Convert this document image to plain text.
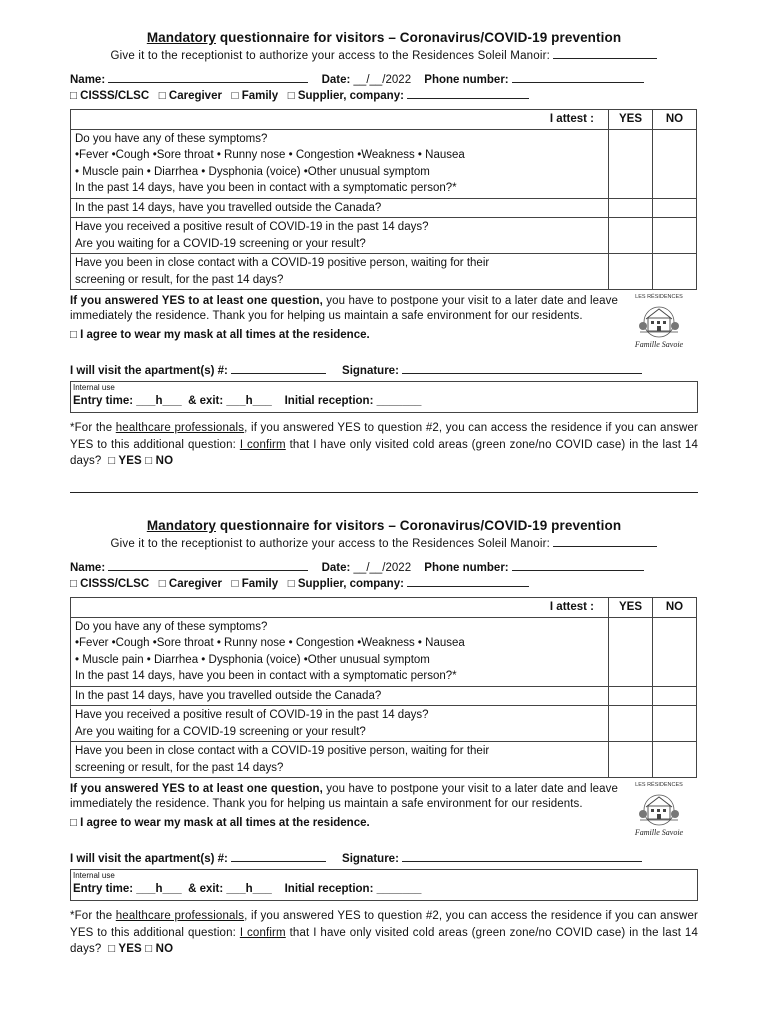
Mandatory questionnaire for visitors – Coronavirus/COVID-19 prevention
Give it to the receptionist to authorize your access to the Residences Soleil Manoir:
Name:	Date: __/__/2022 Phone number:
□ CISSS/CLSC □ Caregiver □ Family □ Supplier, company:
I attest :	YES	NO

Do you have any of these symptoms?
•Fever •Cough •Sore throat • Runny nose • Congestion •Weakness • Nausea
• Muscle pain • Diarrhea • Dysphonia (voice) •Other unusual symptom
In the past 14 days, have you been in contact with a symptomatic person?*		

In the past 14 days, have you travelled outside the Canada?		

Have you received a positive result of COVID-19 in the past 14 days?
Are you waiting for a COVID-19 screening or your result?		

Have you been in close contact with a COVID-19 positive person, waiting for their
screening or result, for the past 14 days?		

If you answered YES to at least one question, you have to postpone your visit to a later date and leave immediately the residence. Thank you for helping us maintain a safe environment for our residents.
□ I agree to wear my mask at all times at the residence.
LES RÉSIDENCES
Famille Savoie
I will visit the apartment(s) #:	Signature:
Internal use
Entry time: ___h___ & exit: ___h___ Initial reception: _______
*For the healthcare professionals, if you answered YES to question #2, you can access the residence if you can answer YES to this additional question: I confirm that I have only visited cold areas (green zone/no COVID case) in the last 14 days? □ YES □ NO
Mandatory questionnaire for visitors – Coronavirus/COVID-19 prevention
Give it to the receptionist to authorize your access to the Residences Soleil Manoir:
Name:	Date: __/__/2022 Phone number:
□ CISSS/CLSC □ Caregiver □ Family □ Supplier, company:
I attest :	YES	NO

Do you have any of these symptoms?
•Fever •Cough •Sore throat • Runny nose • Congestion •Weakness • Nausea
• Muscle pain • Diarrhea • Dysphonia (voice) •Other unusual symptom
In the past 14 days, have you been in contact with a symptomatic person?*		

In the past 14 days, have you travelled outside the Canada?		

Have you received a positive result of COVID-19 in the past 14 days?
Are you waiting for a COVID-19 screening or your result?		

Have you been in close contact with a COVID-19 positive person, waiting for their
screening or result, for the past 14 days?		

If you answered YES to at least one question, you have to postpone your visit to a later date and leave immediately the residence. Thank you for helping us maintain a safe environment for our residents.
□ I agree to wear my mask at all times at the residence.
LES RÉSIDENCES
Famille Savoie
I will visit the apartment(s) #:	Signature:
Internal use
Entry time: ___h___ & exit: ___h___ Initial reception: _______
*For the healthcare professionals, if you answered YES to question #2, you can access the residence if you can answer YES to this additional question: I confirm that I have only visited cold areas (green zone/no COVID case) in the last 14 days? □ YES □ NO
